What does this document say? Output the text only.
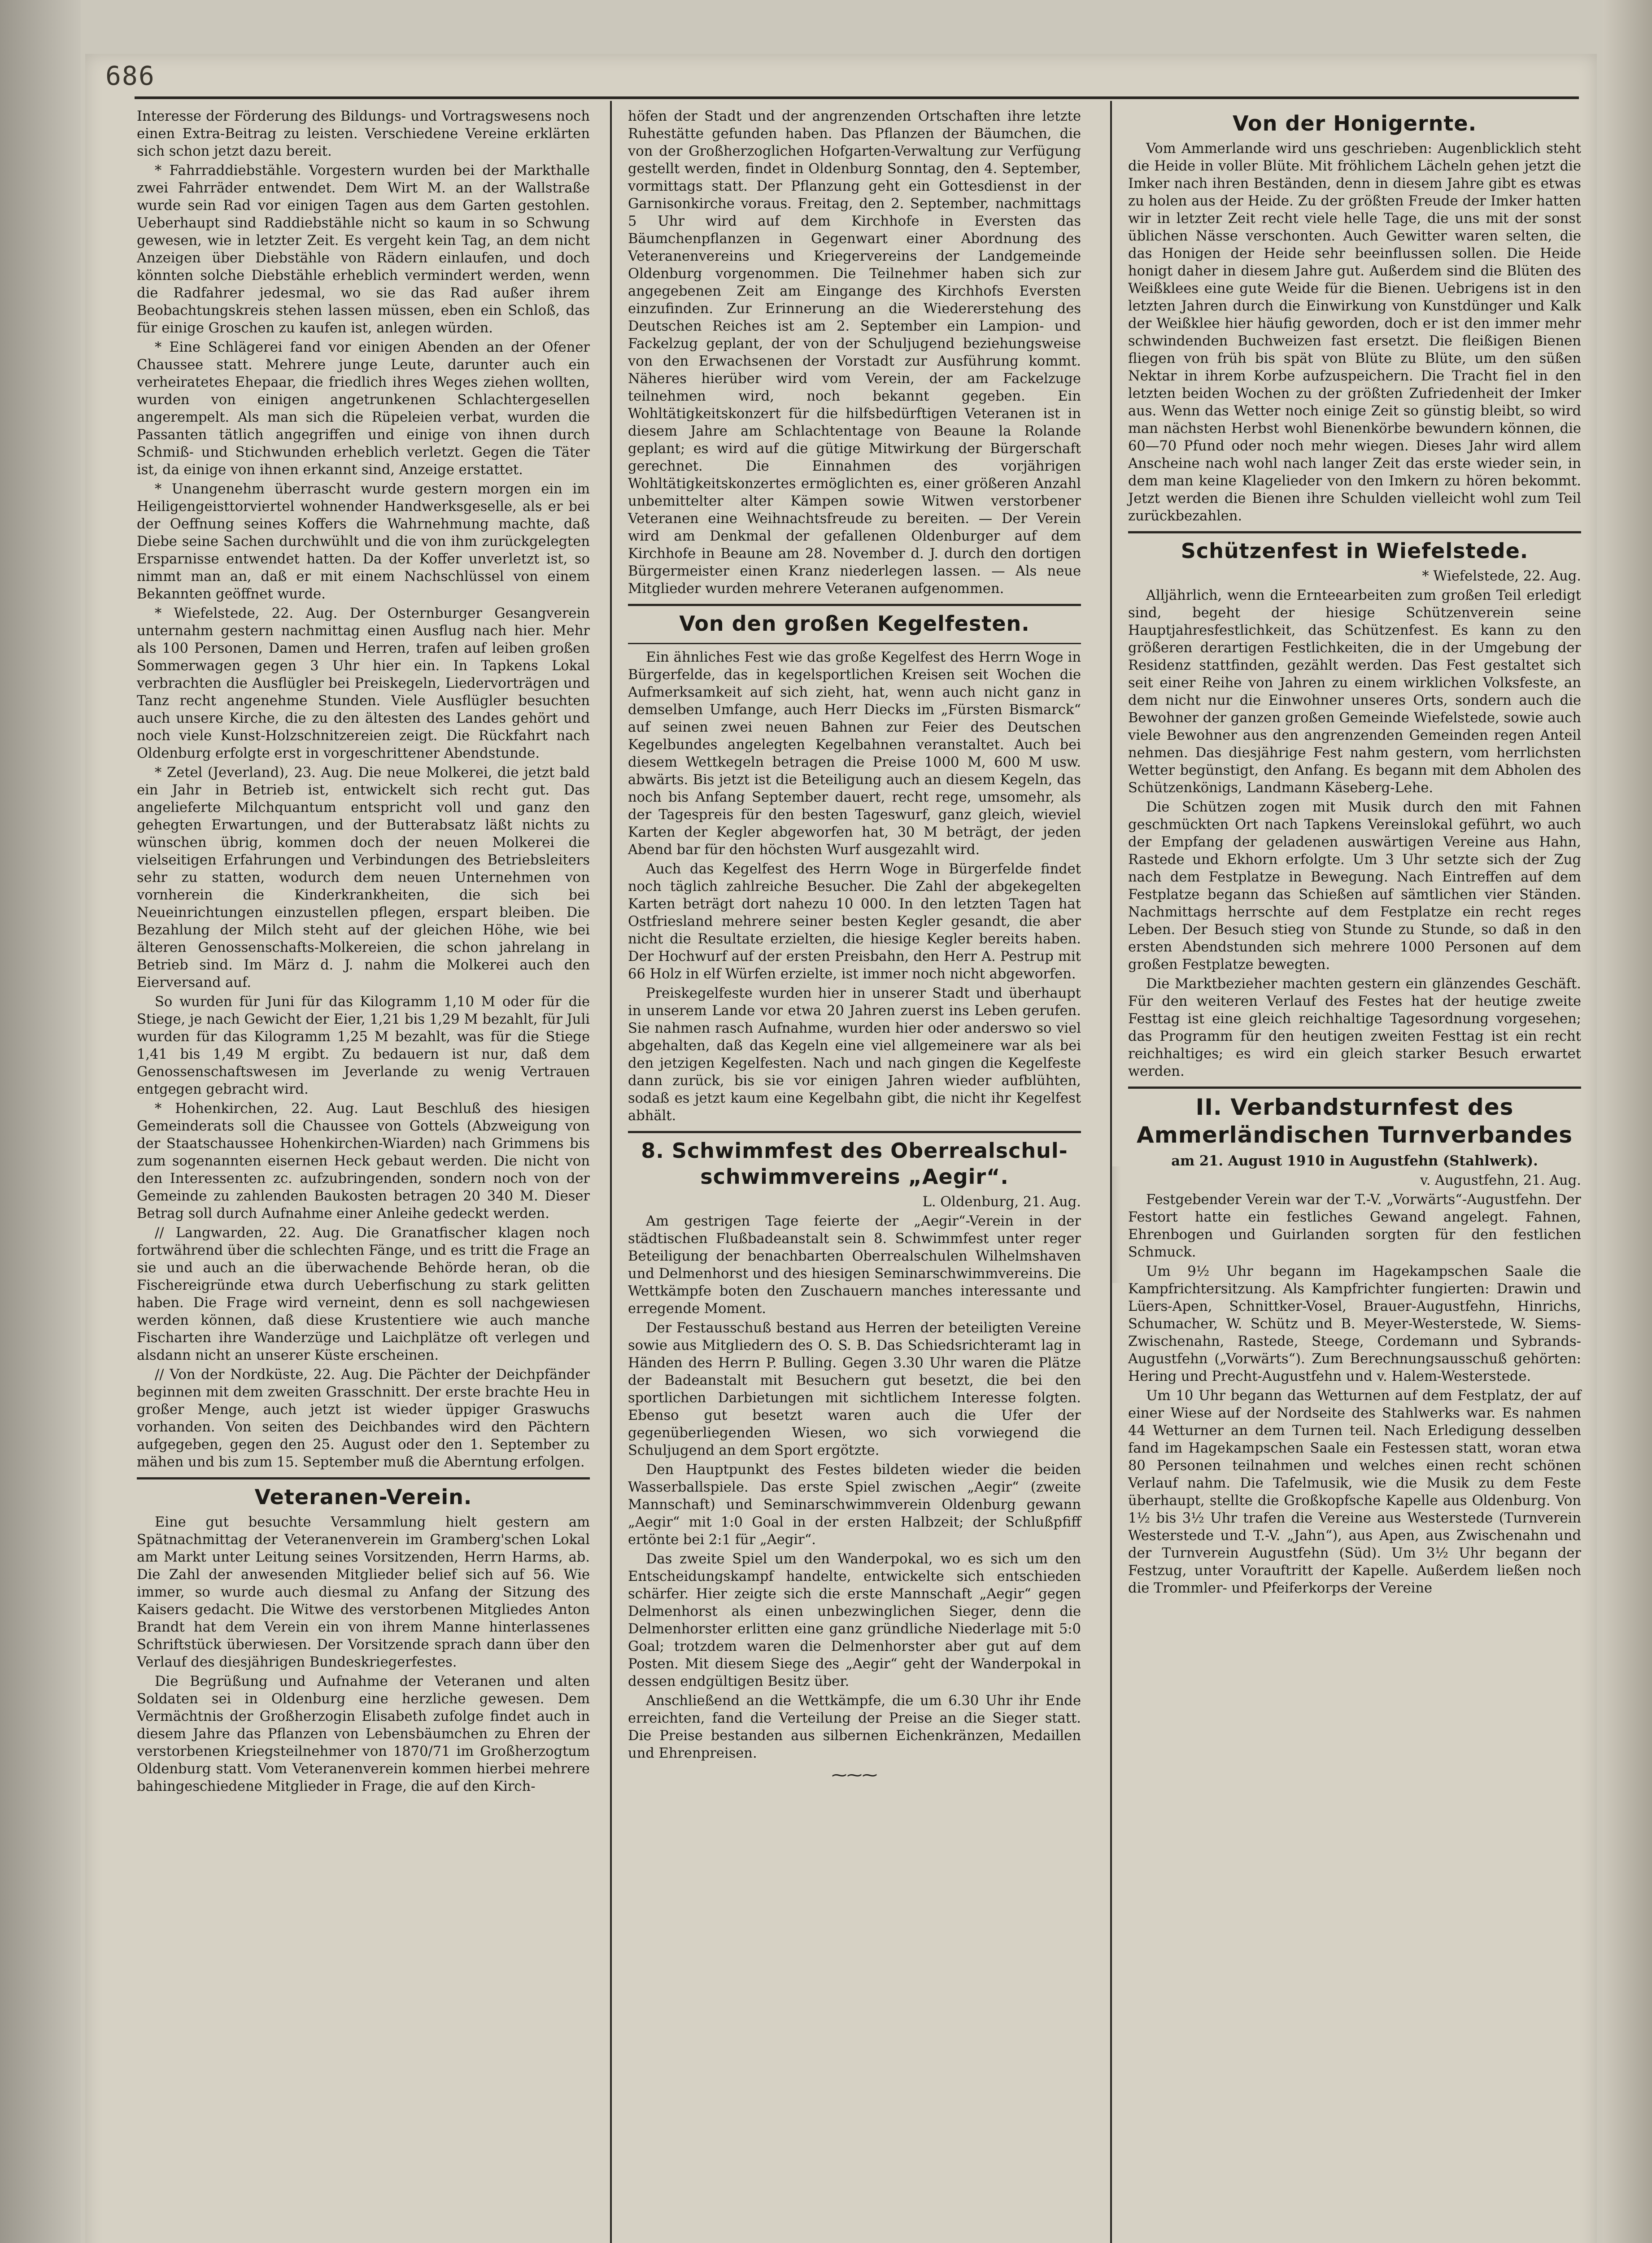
686

Interesse der Förderung des Bildungs- und Vortragswesens noch einen Extra-Beitrag zu leisten. Verschiedene Vereine erklärten sich schon jetzt dazu bereit.

* Fahrraddiebstähle. Vorgestern wurden bei der Markthalle zwei Fahrräder entwendet. Dem Wirt M. an der Wallstraße wurde sein Rad vor einigen Tagen aus dem Garten gestohlen. Ueberhaupt sind Raddiebstähle nicht so kaum in so Schwung gewesen, wie in letzter Zeit. Es vergeht kein Tag, an dem nicht Anzeigen über Diebstähle von Rädern einlaufen, und doch könnten solche Diebstähle erheblich vermindert werden, wenn die Radfahrer jedesmal, wo sie das Rad außer ihrem Beobachtungskreis stehen lassen müssen, eben ein Schloß, das für einige Groschen zu kaufen ist, anlegen würden.

* Eine Schlägerei fand vor einigen Abenden an der Ofener Chaussee statt. Mehrere junge Leute, darunter auch ein verheiratetes Ehepaar, die friedlich ihres Weges ziehen wollten, wurden von einigen angetrunkenen Schlachtergesellen angerempelt. Als man sich die Rüpeleien verbat, wurden die Passanten tätlich angegriffen und einige von ihnen durch Schmiß- und Stichwunden erheblich verletzt. Gegen die Täter ist, da einige von ihnen erkannt sind, Anzeige erstattet.

* Unangenehm überrascht wurde gestern morgen ein im Heiligengeisttorviertel wohnender Handwerksgeselle, als er bei der Oeffnung seines Koffers die Wahrnehmung machte, daß Diebe seine Sachen durchwühlt und die von ihm zurückgelegten Ersparnisse entwendet hatten. Da der Koffer unverletzt ist, so nimmt man an, daß er mit einem Nachschlüssel von einem Bekannten geöffnet wurde.

* Wiefelstede, 22. Aug. Der Osternburger Gesangverein unternahm gestern nachmittag einen Ausflug nach hier. Mehr als 100 Personen, Damen und Herren, trafen auf leiben großen Sommerwagen gegen 3 Uhr hier ein. In Tapkens Lokal verbrachten die Ausflügler bei Preiskegeln, Liedervorträgen und Tanz recht angenehme Stunden. Viele Ausflügler besuchten auch unsere Kirche, die zu den ältesten des Landes gehört und noch viele Kunst-Holzschnitzereien zeigt. Die Rückfahrt nach Oldenburg erfolgte erst in vorgeschrittener Abendstunde.

* Zetel (Jeverland), 23. Aug. Die neue Molkerei, die jetzt bald ein Jahr in Betrieb ist, entwickelt sich recht gut. Das angelieferte Milchquantum entspricht voll und ganz den gehegten Erwartungen, und der Butterabsatz läßt nichts zu wünschen übrig, kommen doch der neuen Molkerei die vielseitigen Erfahrungen und Verbindungen des Betriebsleiters sehr zu statten, wodurch dem neuen Unternehmen von vornherein die Kinderkrankheiten, die sich bei Neueinrichtungen einzustellen pflegen, erspart bleiben. Die Bezahlung der Milch steht auf der gleichen Höhe, wie bei älteren Genossenschafts-Molkereien, die schon jahrelang in Betrieb sind. Im März d. J. nahm die Molkerei auch den Eierversand auf.

So wurden für Juni für das Kilogramm 1,10 M oder für die Stiege, je nach Gewicht der Eier, 1,21 bis 1,29 M bezahlt, für Juli wurden für das Kilogramm 1,25 M bezahlt, was für die Stiege 1,41 bis 1,49 M ergibt. Zu bedauern ist nur, daß dem Genossenschaftswesen im Jeverlande zu wenig Vertrauen entgegen gebracht wird.

* Hohenkirchen, 22. Aug. Laut Beschluß des hiesigen Gemeinderats soll die Chaussee von Gottels (Abzweigung von der Staatschaussee Hohenkirchen-Wiarden) nach Grimmens bis zum sogenannten eisernen Heck gebaut werden. Die nicht von den Interessenten zc. aufzubringenden, sondern noch von der Gemeinde zu zahlenden Baukosten betragen 20 340 M. Dieser Betrag soll durch Aufnahme einer Anleihe gedeckt werden.

// Langwarden, 22. Aug. Die Granatfischer klagen noch fortwährend über die schlechten Fänge, und es tritt die Frage an sie und auch an die überwachende Behörde heran, ob die Fischereigründe etwa durch Ueberfischung zu stark gelitten haben. Die Frage wird verneint, denn es soll nachgewiesen werden können, daß diese Krustentiere wie auch manche Fischarten ihre Wanderzüge und Laichplätze oft verlegen und alsdann nicht an unserer Küste erscheinen.

// Von der Nordküste, 22. Aug. Die Pächter der Deichpfänder beginnen mit dem zweiten Grasschnitt. Der erste brachte Heu in großer Menge, auch jetzt ist wieder üppiger Graswuchs vorhanden. Von seiten des Deichbandes wird den Pächtern aufgegeben, gegen den 25. August oder den 1. September zu mähen und bis zum 15. September muß die Aberntung erfolgen.

Veteranen-Verein.

Eine gut besuchte Versammlung hielt gestern am Spätnachmittag der Veteranenverein im Gramberg'schen Lokal am Markt unter Leitung seines Vorsitzenden, Herrn Harms, ab. Die Zahl der anwesenden Mitglieder belief sich auf 56. Wie immer, so wurde auch diesmal zu Anfang der Sitzung des Kaisers gedacht. Die Witwe des verstorbenen Mitgliedes Anton Brandt hat dem Verein ein von ihrem Manne hinterlassenes Schriftstück überwiesen. Der Vorsitzende sprach dann über den Verlauf des diesjährigen Bundeskriegerfestes.

Die Begrüßung und Aufnahme der Veteranen und alten Soldaten sei in Oldenburg eine herzliche gewesen. Dem Vermächtnis der Großherzogin Elisabeth zufolge findet auch in diesem Jahre das Pflanzen von Lebensbäumchen zu Ehren der verstorbenen Kriegsteilnehmer von 1870/71 im Großherzogtum Oldenburg statt. Vom Veteranenverein kommen hierbei mehrere bahingeschiedene Mitglieder in Frage, die auf den Kirch-

höfen der Stadt und der angrenzenden Ortschaften ihre letzte Ruhestätte gefunden haben. Das Pflanzen der Bäumchen, die von der Großherzoglichen Hofgarten-Verwaltung zur Verfügung gestellt werden, findet in Oldenburg Sonntag, den 4. September, vormittags statt. Der Pflanzung geht ein Gottesdienst in der Garnisonkirche voraus. Freitag, den 2. September, nachmittags 5 Uhr wird auf dem Kirchhofe in Eversten das Bäumchenpflanzen in Gegenwart einer Abordnung des Veteranenvereins und Kriegervereins der Landgemeinde Oldenburg vorgenommen. Die Teilnehmer haben sich zur angegebenen Zeit am Eingange des Kirchhofs Eversten einzufinden. Zur Erinnerung an die Wiedererstehung des Deutschen Reiches ist am 2. September ein Lampion- und Fackelzug geplant, der von der Schuljugend beziehungsweise von den Erwachsenen der Vorstadt zur Ausführung kommt. Näheres hierüber wird vom Verein, der am Fackelzuge teilnehmen wird, noch bekannt gegeben. Ein Wohltätigkeitskonzert für die hilfsbedürftigen Veteranen ist in diesem Jahre am Schlachtentage von Beaune la Rolande geplant; es wird auf die gütige Mitwirkung der Bürgerschaft gerechnet. Die Einnahmen des vorjährigen Wohltätigkeitskonzertes ermöglichten es, einer größeren Anzahl unbemittelter alter Kämpen sowie Witwen verstorbener Veteranen eine Weihnachtsfreude zu bereiten. — Der Verein wird am Denkmal der gefallenen Oldenburger auf dem Kirchhofe in Beaune am 28. November d. J. durch den dortigen Bürgermeister einen Kranz niederlegen lassen. — Als neue Mitglieder wurden mehrere Veteranen aufgenommen.

Von den großen Kegelfesten.

Ein ähnliches Fest wie das große Kegelfest des Herrn Woge in Bürgerfelde, das in kegelsportlichen Kreisen seit Wochen die Aufmerksamkeit auf sich zieht, hat, wenn auch nicht ganz in demselben Umfange, auch Herr Diecks im „Fürsten Bismarck“ auf seinen zwei neuen Bahnen zur Feier des Deutschen Kegelbundes angelegten Kegelbahnen veranstaltet. Auch bei diesem Wettkegeln betragen die Preise 1000 M, 600 M usw. abwärts. Bis jetzt ist die Beteiligung auch an diesem Kegeln, das noch bis Anfang September dauert, recht rege, umsomehr, als der Tagespreis für den besten Tageswurf, ganz gleich, wieviel Karten der Kegler abgeworfen hat, 30 M beträgt, der jeden Abend bar für den höchsten Wurf ausgezahlt wird.

Auch das Kegelfest des Herrn Woge in Bürgerfelde findet noch täglich zahlreiche Besucher. Die Zahl der abgekegelten Karten beträgt dort nahezu 10 000. In den letzten Tagen hat Ostfriesland mehrere seiner besten Kegler gesandt, die aber nicht die Resultate erzielten, die hiesige Kegler bereits haben. Der Hochwurf auf der ersten Preisbahn, den Herr A. Pestrup mit 66 Holz in elf Würfen erzielte, ist immer noch nicht abgeworfen.

Preiskegelfeste wurden hier in unserer Stadt und überhaupt in unserem Lande vor etwa 20 Jahren zuerst ins Leben gerufen. Sie nahmen rasch Aufnahme, wurden hier oder anderswo so viel abgehalten, daß das Kegeln eine viel allgemeinere war als bei den jetzigen Kegelfesten. Nach und nach gingen die Kegelfeste dann zurück, bis sie vor einigen Jahren wieder aufblühten, sodaß es jetzt kaum eine Kegelbahn gibt, die nicht ihr Kegelfest abhält.

8. Schwimmfest des Oberrealschul-schwimmvereins „Aegir“.

L. Oldenburg, 21. Aug.

Am gestrigen Tage feierte der „Aegir“-Verein in der städtischen Flußbadeanstalt sein 8. Schwimmfest unter reger Beteiligung der benachbarten Oberrealschulen Wilhelmshaven und Delmenhorst und des hiesigen Seminarschwimmvereins. Die Wettkämpfe boten den Zuschauern manches interessante und erregende Moment.

Der Festausschuß bestand aus Herren der beteiligten Vereine sowie aus Mitgliedern des O. S. B. Das Schiedsrichteramt lag in Händen des Herrn P. Bulling. Gegen 3.30 Uhr waren die Plätze der Badeanstalt mit Besuchern gut besetzt, die bei den sportlichen Darbietungen mit sichtlichem Interesse folgten. Ebenso gut besetzt waren auch die Ufer der gegenüberliegenden Wiesen, wo sich vorwiegend die Schuljugend an dem Sport ergötzte.

Den Hauptpunkt des Festes bildeten wieder die beiden Wasserballspiele. Das erste Spiel zwischen „Aegir“ (zweite Mannschaft) und Seminarschwimmverein Oldenburg gewann „Aegir“ mit 1:0 Goal in der ersten Halbzeit; der Schlußpfiff ertönte bei 2:1 für „Aegir“.

Das zweite Spiel um den Wanderpokal, wo es sich um den Entscheidungskampf handelte, entwickelte sich entschieden schärfer. Hier zeigte sich die erste Mannschaft „Aegir“ gegen Delmenhorst als einen unbezwinglichen Sieger, denn die Delmenhorster erlitten eine ganz gründliche Niederlage mit 5:0 Goal; trotzdem waren die Delmenhorster aber gut auf dem Posten. Mit diesem Siege des „Aegir“ geht der Wanderpokal in dessen endgültigen Besitz über.

Anschließend an die Wettkämpfe, die um 6.30 Uhr ihr Ende erreichten, fand die Verteilung der Preise an die Sieger statt. Die Preise bestanden aus silbernen Eichenkränzen, Medaillen und Ehrenpreisen.

⁓⁓⁓
Von der Honigernte.

Vom Ammerlande wird uns geschrieben: Augenblicklich steht die Heide in voller Blüte. Mit fröhlichem Lächeln gehen jetzt die Imker nach ihren Beständen, denn in diesem Jahre gibt es etwas zu holen aus der Heide. Zu der größten Freude der Imker hatten wir in letzter Zeit recht viele helle Tage, die uns mit der sonst üblichen Nässe verschonten. Auch Gewitter waren selten, die das Honigen der Heide sehr beeinflussen sollen. Die Heide honigt daher in diesem Jahre gut. Außerdem sind die Blüten des Weißklees eine gute Weide für die Bienen. Uebrigens ist in den letzten Jahren durch die Einwirkung von Kunstdünger und Kalk der Weißklee hier häufig geworden, doch er ist den immer mehr schwindenden Buchweizen fast ersetzt. Die fleißigen Bienen fliegen von früh bis spät von Blüte zu Blüte, um den süßen Nektar in ihrem Korbe aufzuspeichern. Die Tracht fiel in den letzten beiden Wochen zu der größten Zufriedenheit der Imker aus. Wenn das Wetter noch einige Zeit so günstig bleibt, so wird man nächsten Herbst wohl Bienenkörbe bewundern können, die 60—70 Pfund oder noch mehr wiegen. Dieses Jahr wird allem Anscheine nach wohl nach langer Zeit das erste wieder sein, in dem man keine Klagelieder von den Imkern zu hören bekommt. Jetzt werden die Bienen ihre Schulden vielleicht wohl zum Teil zurückbezahlen.

Schützenfest in Wiefelstede.

* Wiefelstede, 22. Aug.

Alljährlich, wenn die Ernteearbeiten zum großen Teil erledigt sind, begeht der hiesige Schützenverein seine Hauptjahresfestlichkeit, das Schützenfest. Es kann zu den größeren derartigen Festlichkeiten, die in der Umgebung der Residenz stattfinden, gezählt werden. Das Fest gestaltet sich seit einer Reihe von Jahren zu einem wirklichen Volksfeste, an dem nicht nur die Einwohner unseres Orts, sondern auch die Bewohner der ganzen großen Gemeinde Wiefelstede, sowie auch viele Bewohner aus den angrenzenden Gemeinden regen Anteil nehmen. Das diesjährige Fest nahm gestern, vom herrlichsten Wetter begünstigt, den Anfang. Es begann mit dem Abholen des Schützenkönigs, Landmann Käseberg-Lehe.

Die Schützen zogen mit Musik durch den mit Fahnen geschmückten Ort nach Tapkens Vereinslokal geführt, wo auch der Empfang der geladenen auswärtigen Vereine aus Hahn, Rastede und Ekhorn erfolgte. Um 3 Uhr setzte sich der Zug nach dem Festplatze in Bewegung. Nach Eintreffen auf dem Festplatze begann das Schießen auf sämtlichen vier Ständen. Nachmittags herrschte auf dem Festplatze ein recht reges Leben. Der Besuch stieg von Stunde zu Stunde, so daß in den ersten Abendstunden sich mehrere 1000 Personen auf dem großen Festplatze bewegten.

Die Marktbezieher machten gestern ein glänzendes Geschäft. Für den weiteren Verlauf des Festes hat der heutige zweite Festtag ist eine gleich reichhaltige Tagesordnung vorgesehen; das Programm für den heutigen zweiten Festtag ist ein recht reichhaltiges; es wird ein gleich starker Besuch erwartet werden.

II. Verbandsturnfest des Ammerländischen Turnverbandes

am 21. August 1910 in Augustfehn (Stahlwerk).

v. Augustfehn, 21. Aug.

Festgebender Verein war der T.-V. „Vorwärts“-Augustfehn. Der Festort hatte ein festliches Gewand angelegt. Fahnen, Ehrenbogen und Guirlanden sorgten für den festlichen Schmuck.

Um 9½ Uhr begann im Hagekampschen Saale die Kampfrichtersitzung. Als Kampfrichter fungierten: Drawin und Lüers-Apen, Schnittker-Vosel, Brauer-Augustfehn, Hinrichs, Schumacher, W. Schütz und B. Meyer-Westerstede, W. Siems-Zwischenahn, Rastede, Steege, Cordemann und Sybrands-Augustfehn („Vorwärts“). Zum Berechnungsausschuß gehörten: Hering und Precht-Augustfehn und v. Halem-Westerstede.

Um 10 Uhr begann das Wetturnen auf dem Festplatz, der auf einer Wiese auf der Nordseite des Stahlwerks war. Es nahmen 44 Wetturner an dem Turnen teil. Nach Erledigung desselben fand im Hagekampschen Saale ein Festessen statt, woran etwa 80 Personen teilnahmen und welches einen recht schönen Verlauf nahm. Die Tafelmusik, wie die Musik zu dem Feste überhaupt, stellte die Großkopfsche Kapelle aus Oldenburg. Von 1½ bis 3½ Uhr trafen die Vereine aus Westerstede (Turnverein Westerstede und T.-V. „Jahn“), aus Apen, aus Zwischenahn und der Turnverein Augustfehn (Süd). Um 3½ Uhr begann der Festzug, unter Vorauftritt der Kapelle. Außerdem ließen noch die Trommler- und Pfeiferkorps der Vereine
